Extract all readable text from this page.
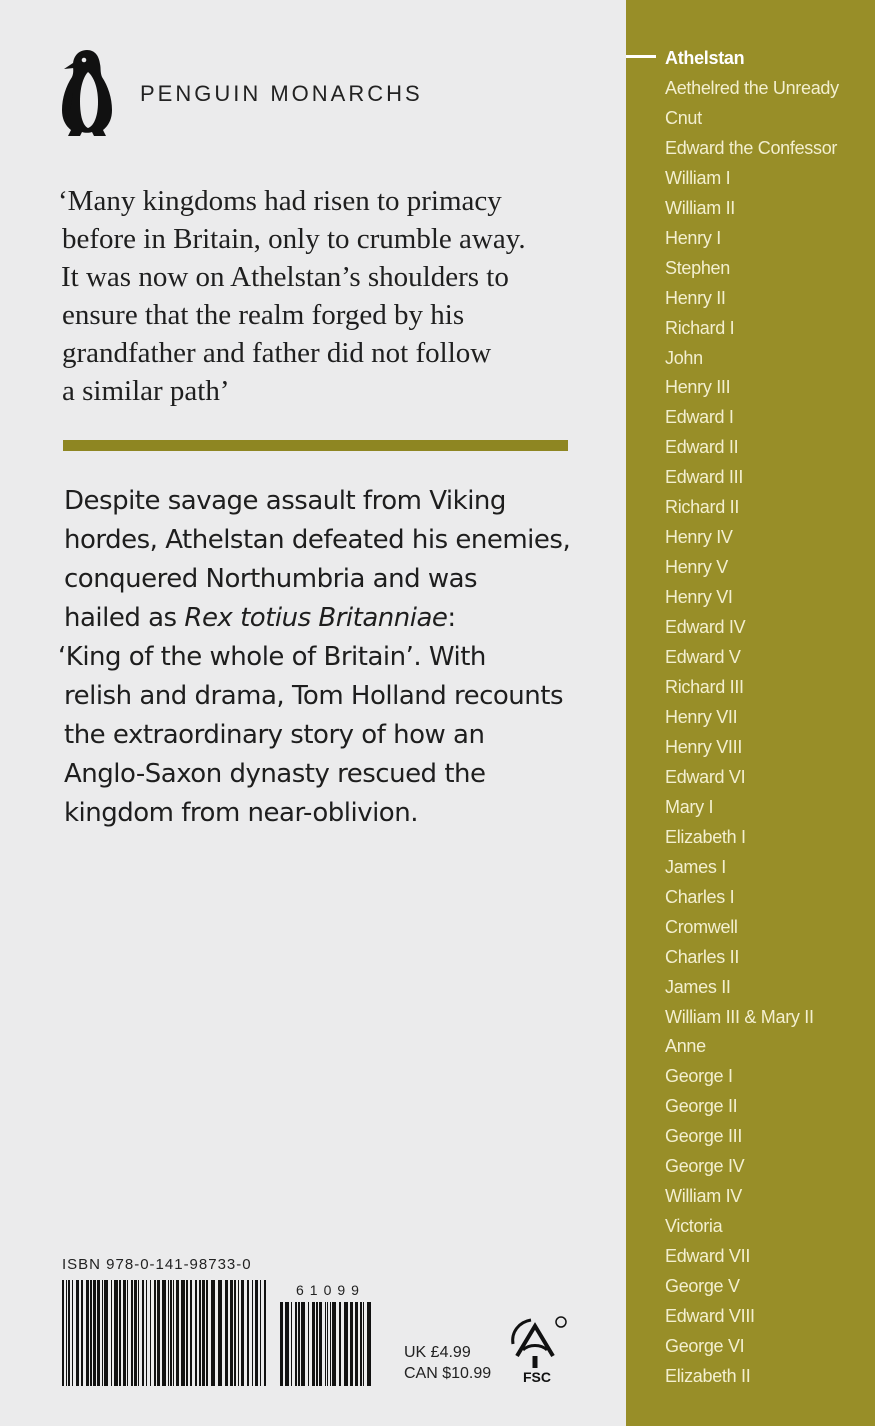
PENGUIN MONARCHS

‘Many kingdoms had risen to primacy
before in Britain, only to crumble away.
It was now on Athelstan’s shoulders to
ensure that the realm forged by his
grandfather and father did not follow
a similar path’

Despite savage assault from Viking
hordes, Athelstan defeated his enemies,
conquered Northumbria and was
hailed as Rex totius Britanniae:
‘King of the whole of Britain’. With
relish and drama, Tom Holland recounts
the extraordinary story of how an
Anglo-Saxon dynasty rescued the
kingdom from near-oblivion.

ISBN 978-0-141-98733-0
61099
UK £4.99
CAN $10.99 FSC
Athelstan
Aethelred the Unready
Cnut
Edward the Confessor
William I
William II
Henry I
Stephen
Henry II
Richard I
John
Henry III
Edward I
Edward II
Edward III
Richard II
Henry IV
Henry V
Henry VI
Edward IV
Edward V
Richard III
Henry VII
Henry VIII
Edward VI
Mary I
Elizabeth I
James I
Charles I
Cromwell
Charles II
James II
William III & Mary II
Anne
George I
George II
George III
George IV
William IV
Victoria
Edward VII
George V
Edward VIII
George VI
Elizabeth II
